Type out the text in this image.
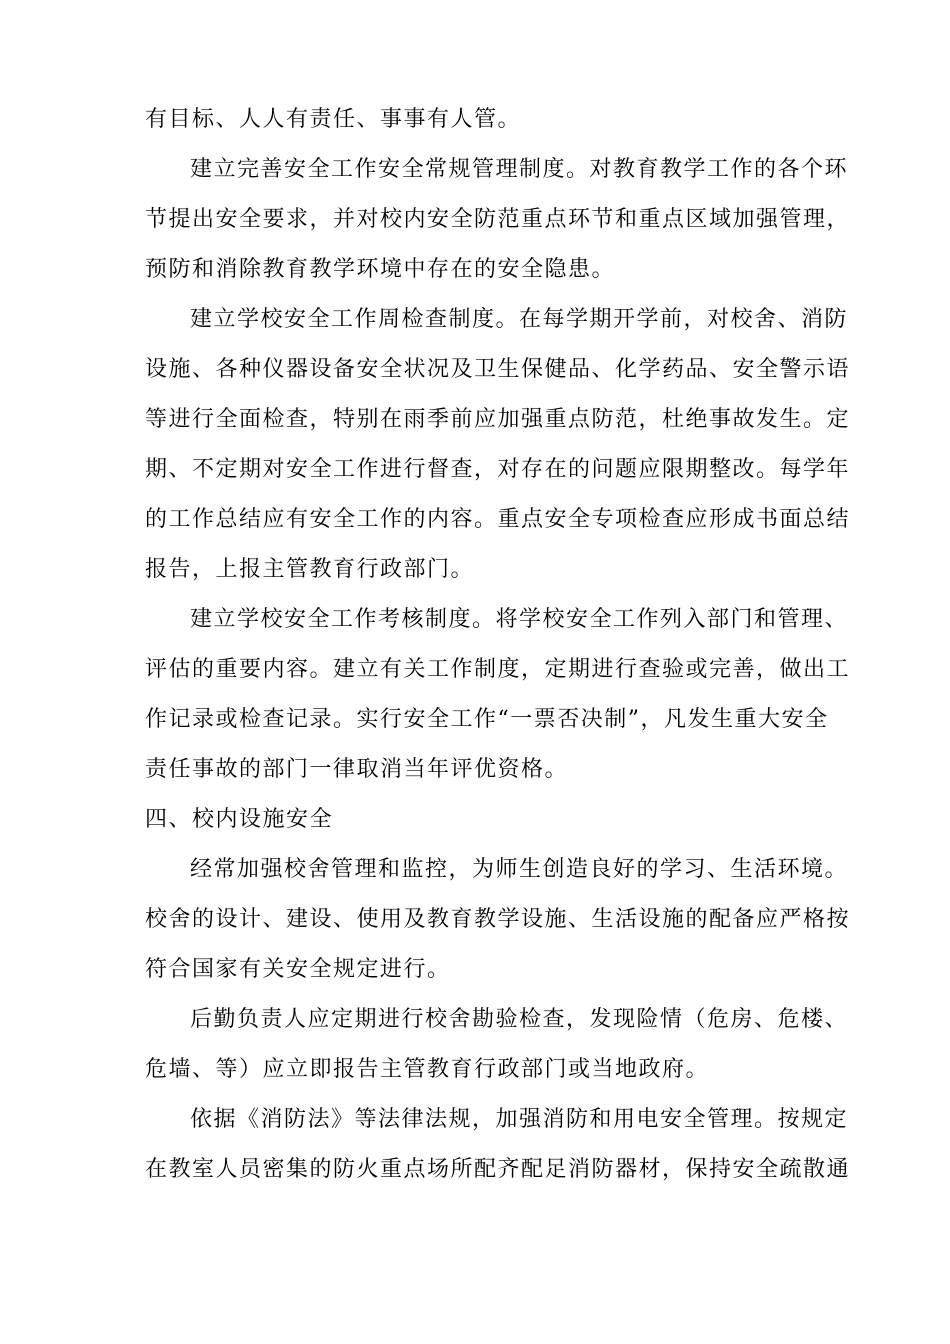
有目标、人人有责任、事事有人管。
建立完善安全工作安全常规管理制度。对教育教学工作的各个环
节提出安全要求，并对校内安全防范重点环节和重点区域加强管理，
预防和消除教育教学环境中存在的安全隐患。
建立学校安全工作周检查制度。在每学期开学前，对校舍、消防
设施、各种仪器设备安全状况及卫生保健品、化学药品、安全警示语
等进行全面检查，特别在雨季前应加强重点防范，杜绝事故发生。定
期、不定期对安全工作进行督查，对存在的问题应限期整改。每学年
的工作总结应有安全工作的内容。重点安全专项检查应形成书面总结
报告，上报主管教育行政部门。
建立学校安全工作考核制度。将学校安全工作列入部门和管理、
评估的重要内容。建立有关工作制度，定期进行查验或完善，做出工
作记录或检查记录。实行安全工作“一票否决制”，凡发生重大安全
责任事故的部门一律取消当年评优资格。
四、校内设施安全
经常加强校舍管理和监控，为师生创造良好的学习、生活环境。
校舍的设计、建设、使用及教育教学设施、生活设施的配备应严格按
符合国家有关安全规定进行。
后勤负责人应定期进行校舍勘验检查，发现险情（危房、危楼、
危墙、等）应立即报告主管教育行政部门或当地政府。
依据《消防法》等法律法规，加强消防和用电安全管理。按规定
在教室人员密集的防火重点场所配齐配足消防器材，保持安全疏散通
